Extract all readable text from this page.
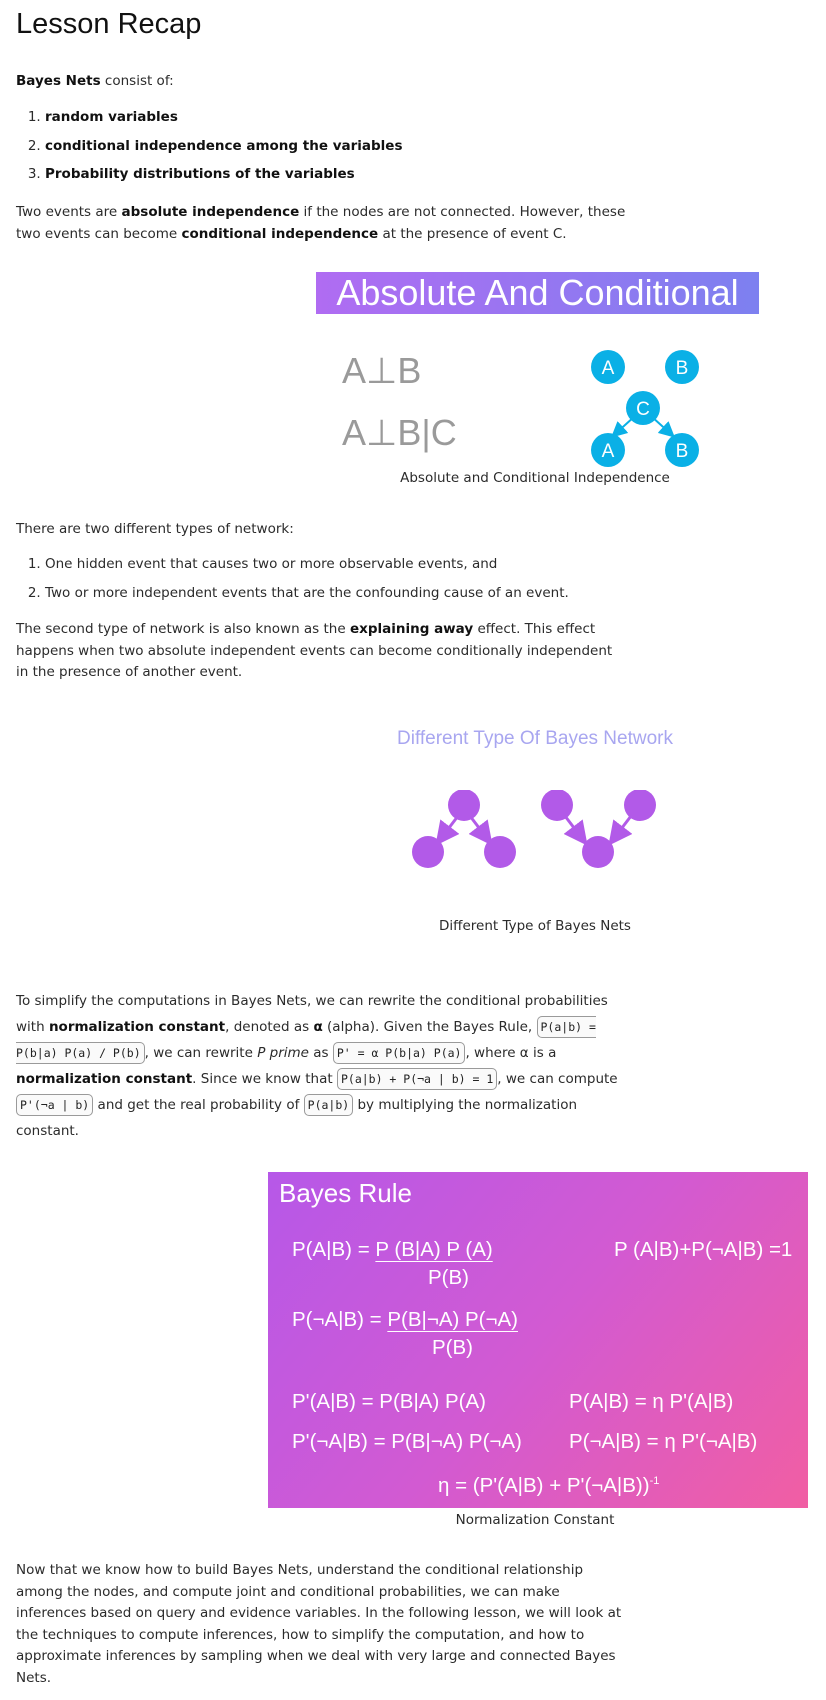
Lesson Recap

Bayes Nets consist of:

1. random variables
2. conditional independence among the variables
3. Probability distributions of the variables

Two events are absolute independence if the nodes are not connected. However, these two events can become conditional independence at the presence of event C.

Absolute And Conditional
A⊥B
A⊥B|C
A	B
C
A	B
Absolute and Conditional Independence

There are two different types of network:

1. One hidden event that causes two or more observable events, and
2. Two or more independent events that are the confounding cause of an event.

The second type of network is also known as the explaining away effect. This effect happens when two absolute independent events can become conditionally independent in the presence of another event.

Different Type Of Bayes Network
Different Type of Bayes Nets

To simplify the computations in Bayes Nets, we can rewrite the conditional probabilities with normalization constant, denoted as α (alpha). Given the Bayes Rule, P(a|b) = P(b|a) P(a) / P(b) , we can rewrite P prime as P' = α P(b|a) P(a) , where α is a normalization constant. Since we know that P(a|b) + P(¬a | b) = 1 , we can compute P'(¬a | b) and get the real probability of P(a|b) by multiplying the normalization constant.

Bayes Rule
P(A|B) = P (B|A) P (A)
P(B)
P (A|B)+P(¬A|B) =1
P(¬A|B) = P(B|¬A) P(¬A)
P(B)
P'(A|B) = P(B|A) P(A)	P(A|B) = η P'(A|B)
P'(¬A|B) = P(B|¬A) P(¬A) P(¬A|B) = η P'(¬A|B)
η = (P'(A|B) + P'(¬A|B))$^{-1}$
Normalization Constant

Now that we know how to build Bayes Nets, understand the conditional relationship among the nodes, and compute joint and conditional probabilities, we can make inferences based on query and evidence variables. In the following lesson, we will look at the techniques to compute inferences, how to simplify the computation, and how to approximate inferences by sampling when we deal with very large and connected Bayes Nets.
